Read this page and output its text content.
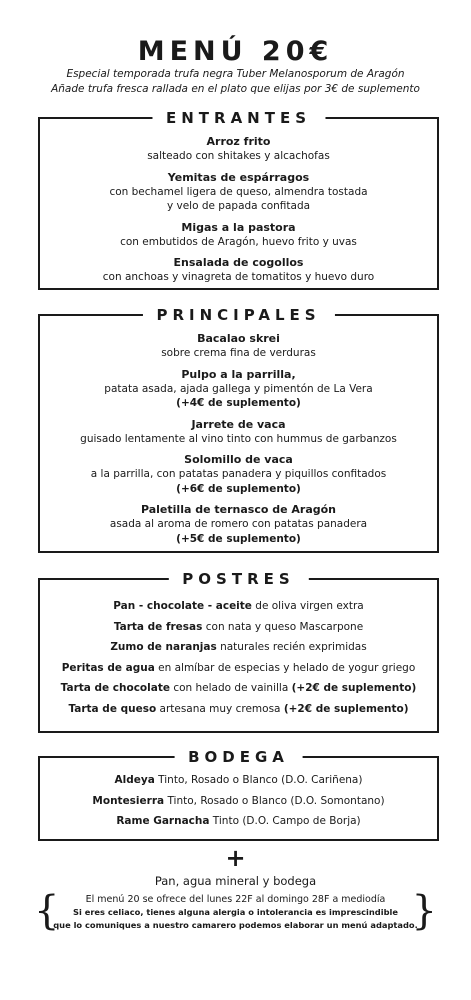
MENÚ 20€
Especial temporada trufa negra Tuber Melanosporum de Aragón
Añade trufa fresca rallada en el plato que elijas por 3€ de suplemento
ENTRANTES
Arroz frito
salteado con shitakes y alcachofas
Yemitas de espárragos
con bechamel ligera de queso, almendra tostada
y velo de papada confitada
Migas a la pastora
con embutidos de Aragón, huevo frito y uvas
Ensalada de cogollos
con anchoas y vinagreta de tomatitos y huevo duro
PRINCIPALES
Bacalao skrei
sobre crema fina de verduras
Pulpo a la parrilla,
patata asada, ajada gallega y pimentón de La Vera
(+4€ de suplemento)
Jarrete de vaca
guisado lentamente al vino tinto con hummus de garbanzos
Solomillo de vaca
a la parrilla, con patatas panadera y piquillos confitados
(+6€ de suplemento)
Paletilla de ternasco de Aragón
asada al aroma de romero con patatas panadera
(+5€ de suplemento)
POSTRES
Pan - chocolate - aceite de oliva virgen extra
Tarta de fresas con nata y queso Mascarpone
Zumo de naranjas naturales recién exprimidas
Peritas de agua en almíbar de especias y helado de yogur griego
Tarta de chocolate con helado de vainilla (+2€ de suplemento)
Tarta de queso artesana muy cremosa (+2€ de suplemento)
BODEGA
Aldeya Tinto, Rosado o Blanco (D.O. Cariñena)
Montesierra Tinto, Rosado o Blanco (D.O. Somontano)
Rame Garnacha Tinto (D.O. Campo de Borja)
+
Pan, agua mineral y bodega
{	El menú 20 se ofrece del lunes 22F al domingo 28F a mediodía
Si eres celiaco, tienes alguna alergia o intolerancia es imprescindible
que lo comuniques a nuestro camarero podemos elaborar un menú adaptado.
}
